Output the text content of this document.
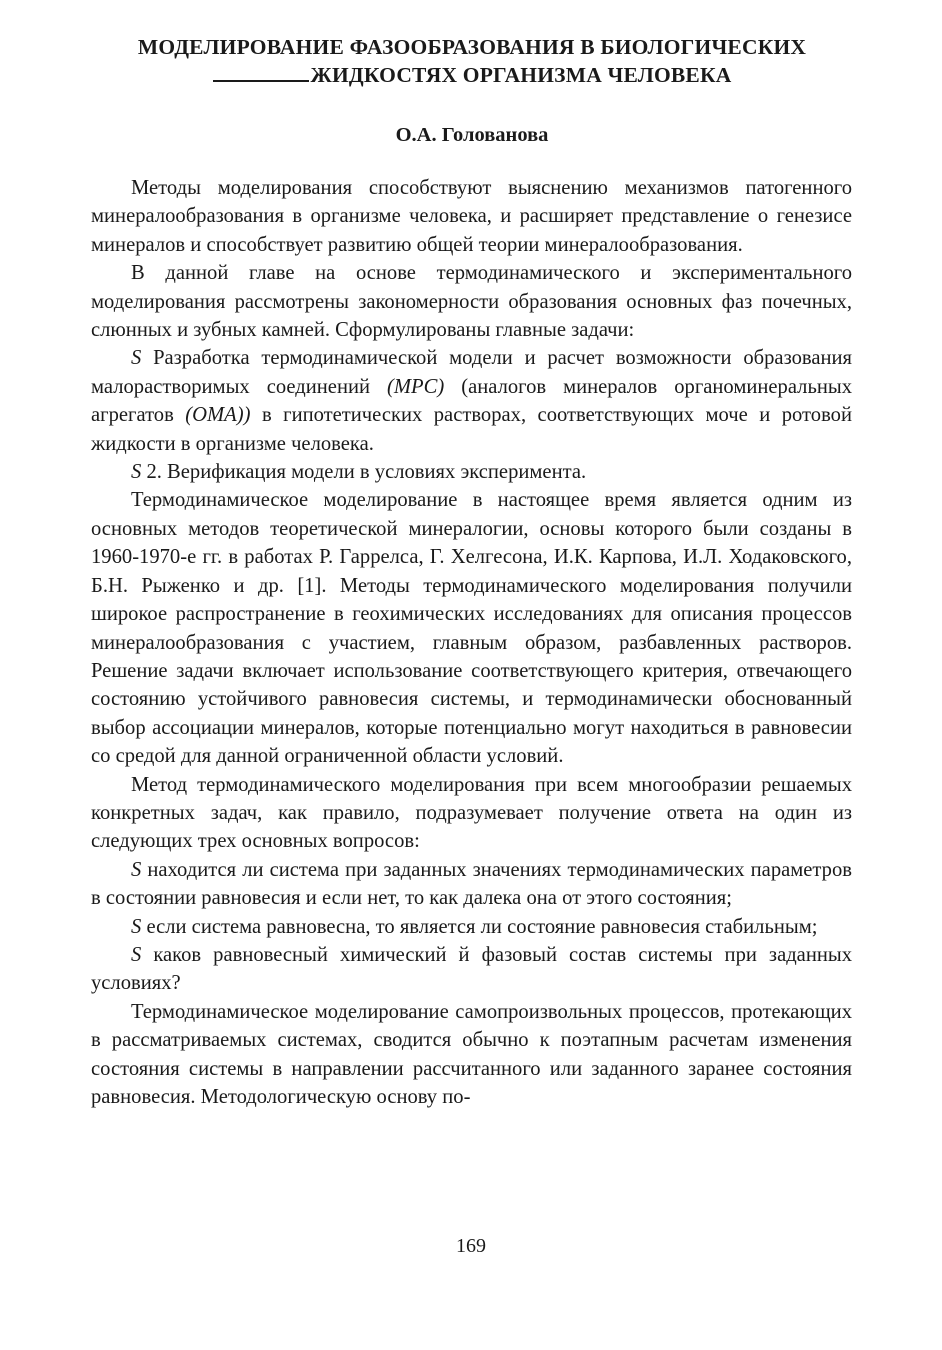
МОДЕЛИРОВАНИЕ ФАЗООБРАЗОВАНИЯ В БИОЛОГИЧЕСКИХ
ЖИДКОСТЯХ ОРГАНИЗМА ЧЕЛОВЕКА
О.А. Голованова

Методы моделирования способствуют выяснению механизмов патогенного минералообразования в организме человека, и расширяет представление о генезисе минералов и способствует развитию общей теории минералообразования.

В данной главе на основе термодинамического и экспериментального моделирования рассмотрены закономерности образования основных фаз почечных, слюнных и зубных камней. Сформулированы главные задачи:

S Разработка термодинамической модели и расчет возможности образования малорастворимых соединений (МРС) (аналогов минералов органоминеральных агрегатов (ОМА)) в гипотетических растворах, соответствующих моче и ротовой жидкости в организме человека.

S 2. Верификация модели в условиях эксперимента.

Термодинамическое моделирование в настоящее время является одним из основных методов теоретической минералогии, основы которого были созданы в 1960-1970-е гг. в работах Р. Гаррелса, Г. Хелгесона, И.К. Карпова, И.Л. Ходаковского, Б.Н. Рыженко и др. [1]. Методы термодинамического моделирования получили широкое распространение в геохимических исследованиях для описания процессов минералообразования с участием, главным образом, разбавленных растворов. Решение задачи включает использование соответствующего критерия, отвечающего состоянию устойчивого равновесия системы, и термодинамически обоснованный выбор ассоциации минералов, которые потенциально могут находиться в равновесии со средой для данной ограниченной области условий.

Метод термодинамического моделирования при всем многообразии решаемых конкретных задач, как правило, подразумевает получение ответа на один из следующих трех основных вопросов:

S находится ли система при заданных значениях термодинамических параметров в состоянии равновесия и если нет, то как далека она от этого состояния;

S если система равновесна, то является ли состояние равновесия стабильным;

S каков равновесный химический й фазовый состав системы при заданных условиях?

Термодинамическое моделирование самопроизвольных процессов, протекающих в рассматриваемых системах, сводится обычно к поэтапным расчетам изменения состояния системы в направлении рассчитанного или заданного заранее состояния равновесия. Методологическую основу по-

169
